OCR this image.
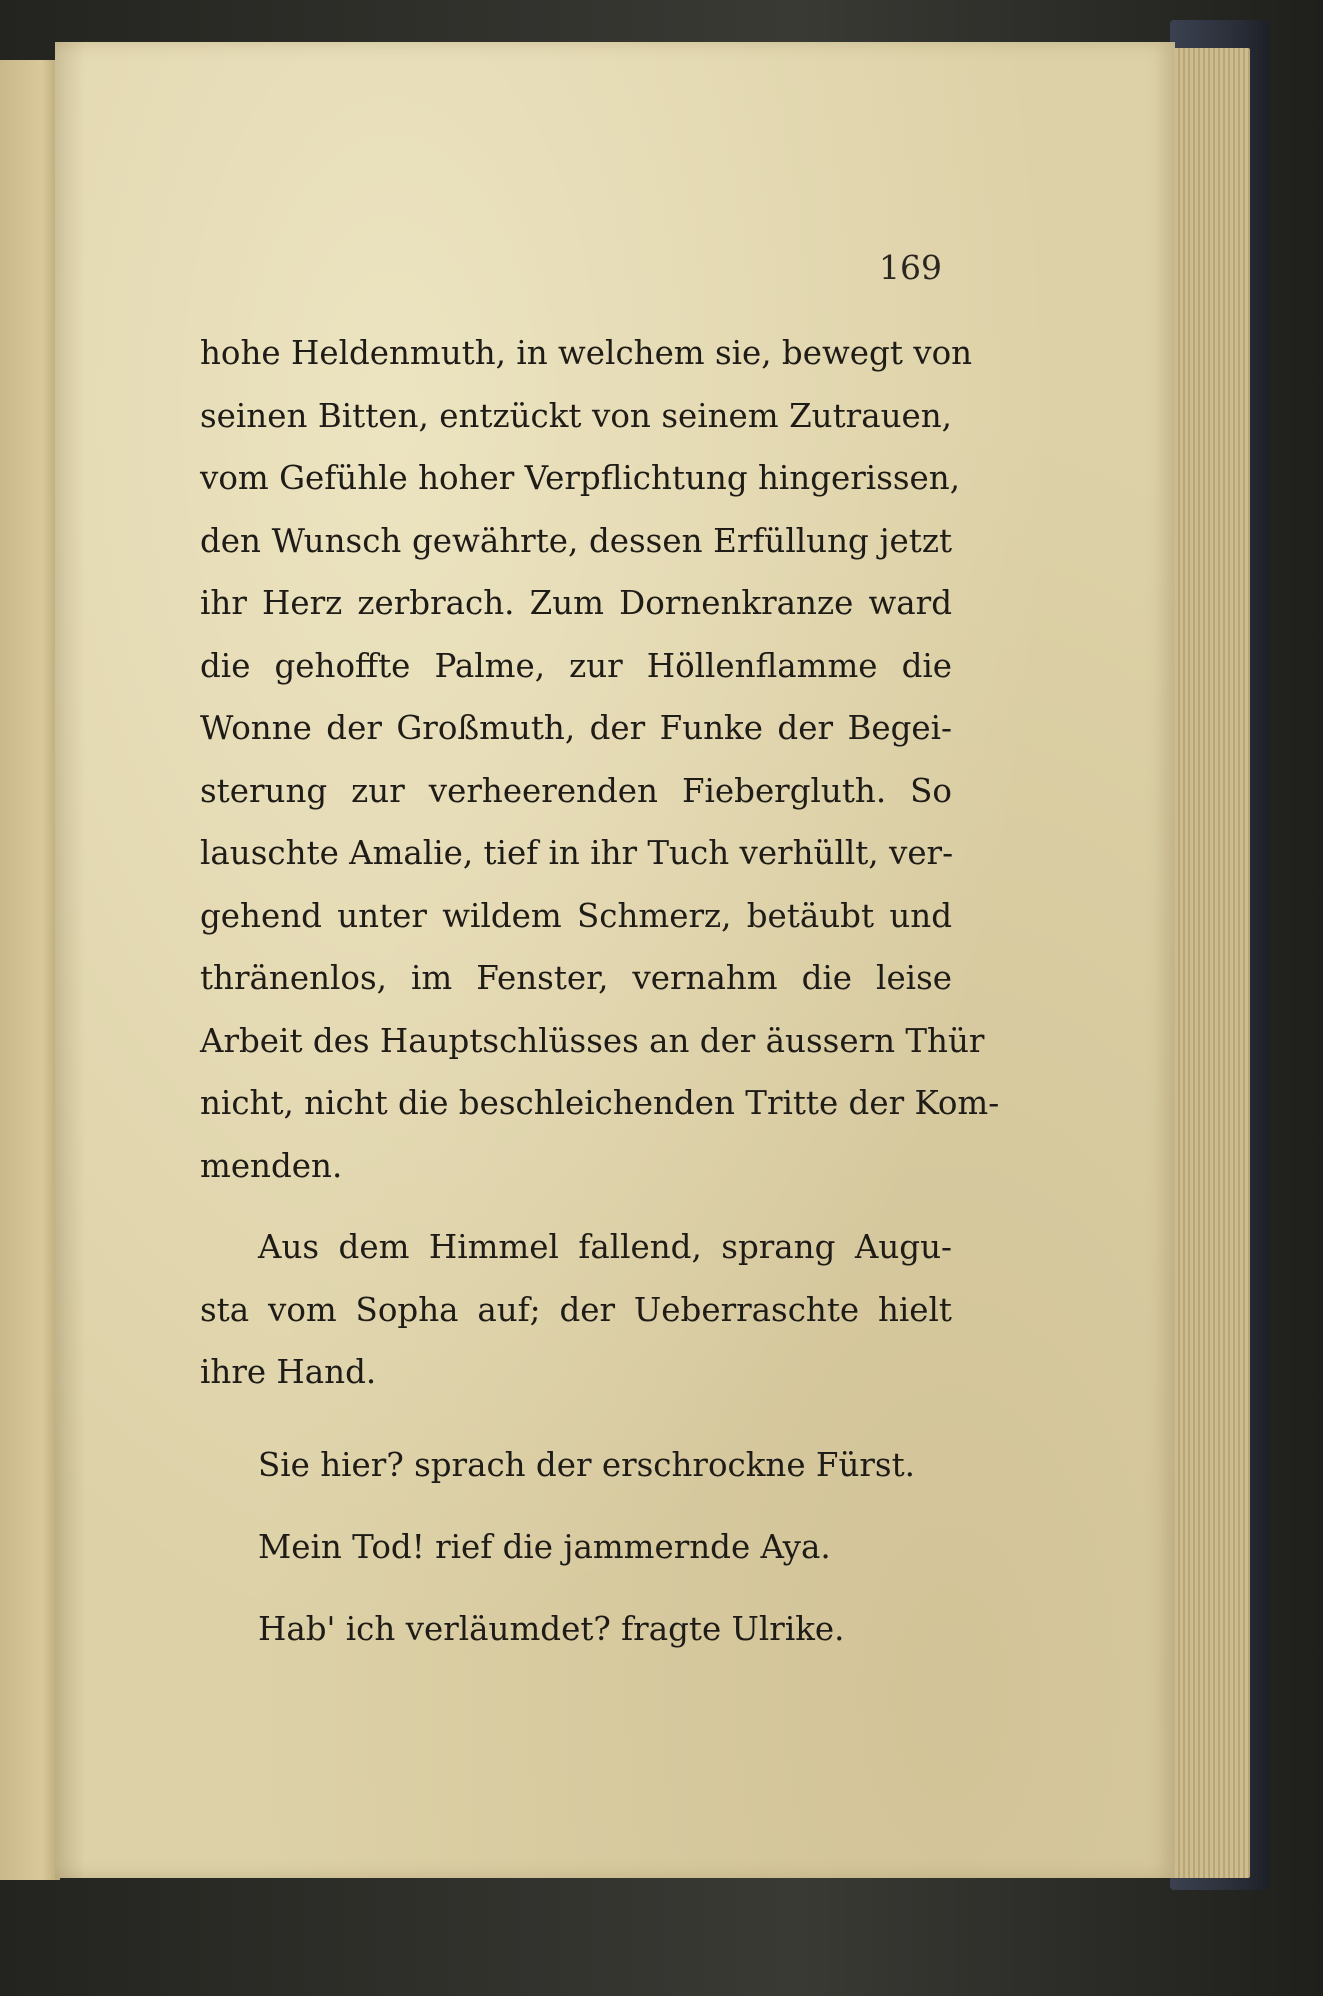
169
hohe Heldenmuth, in welchem sie, bewegt von
seinen Bitten, entzückt von seinem Zutrauen,
vom Gefühle hoher Verpflichtung hingerissen,
den Wunsch gewährte, dessen Erfüllung jetzt
ihr Herz zerbrach. Zum Dornenkranze ward
die gehoffte Palme, zur Höllenflamme die
Wonne der Großmuth, der Funke der Begei-
sterung zur verheerenden Fiebergluth. So
lauschte Amalie, tief in ihr Tuch verhüllt, ver-
gehend unter wildem Schmerz, betäubt und
thränenlos, im Fenster, vernahm die leise
Arbeit des Hauptschlüsses an der äussern Thür
nicht, nicht die beschleichenden Tritte der Kom-
menden.
Aus dem Himmel fallend, sprang Augu-
sta vom Sopha auf; der Ueberraschte hielt
ihre Hand.
Sie hier? sprach der erschrockne Fürst.
Mein Tod! rief die jammernde Aya.
Hab' ich verläumdet? fragte Ulrike.
